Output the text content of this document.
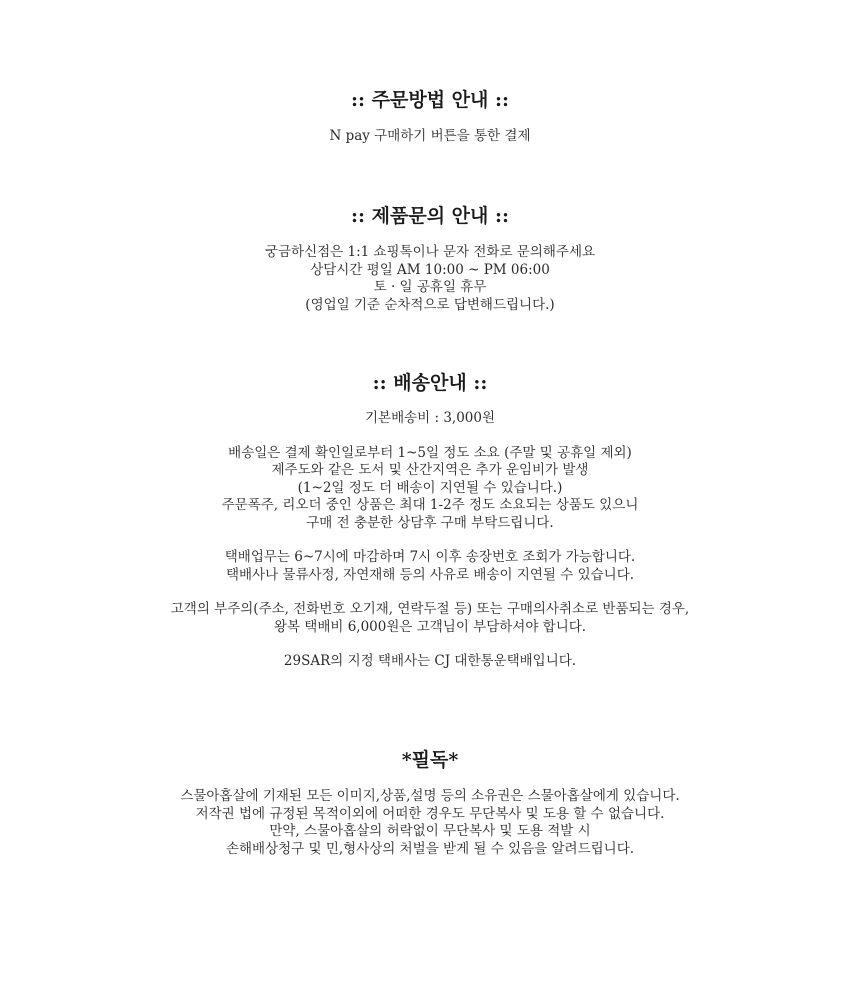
:: 주문방법 안내 ::
N pay 구매하기 버튼을 통한 결제
:: 제품문의 안내 ::
궁금하신점은 1:1 쇼핑톡이나 문자 전화로 문의해주세요
상담시간 평일 AM 10:00 ~ PM 06:00
토 · 일 공휴일 휴무
(영업일 기준 순차적으로 답변해드립니다.)
:: 배송안내 ::
기본배송비 : 3,000원
배송일은 결제 확인일로부터 1~5일 정도 소요 (주말 및 공휴일 제외)
제주도와 같은 도서 및 산간지역은 추가 운임비가 발생
(1~2일 정도 더 배송이 지연될 수 있습니다.)
주문폭주, 리오더 중인 상품은 최대 1-2주 정도 소요되는 상품도 있으니
구매 전 충분한 상담후 구매 부탁드립니다.
택배업무는 6~7시에 마감하며 7시 이후 송장번호 조회가 가능합니다.
택배사나 물류사정, 자연재해 등의 사유로 배송이 지연될 수 있습니다.
고객의 부주의(주소, 전화번호 오기재, 연락두절 등) 또는 구매의사취소로 반품되는 경우,
왕복 택배비 6,000원은 고객님이 부담하셔야 합니다.
29SAR의 지정 택배사는 CJ 대한통운택배입니다.
*필독*
스물아홉살에 기재된 모든 이미지,상품,설명 등의 소유권은 스물아홉살에게 있습니다.
저작권 법에 규정된 목적이외에 어떠한 경우도 무단복사 및 도용 할 수 없습니다.
만약, 스물아홉살의 허락없이 무단복사 및 도용 적발 시
손해배상청구 및 민,형사상의 처벌을 받게 될 수 있음을 알려드립니다.
